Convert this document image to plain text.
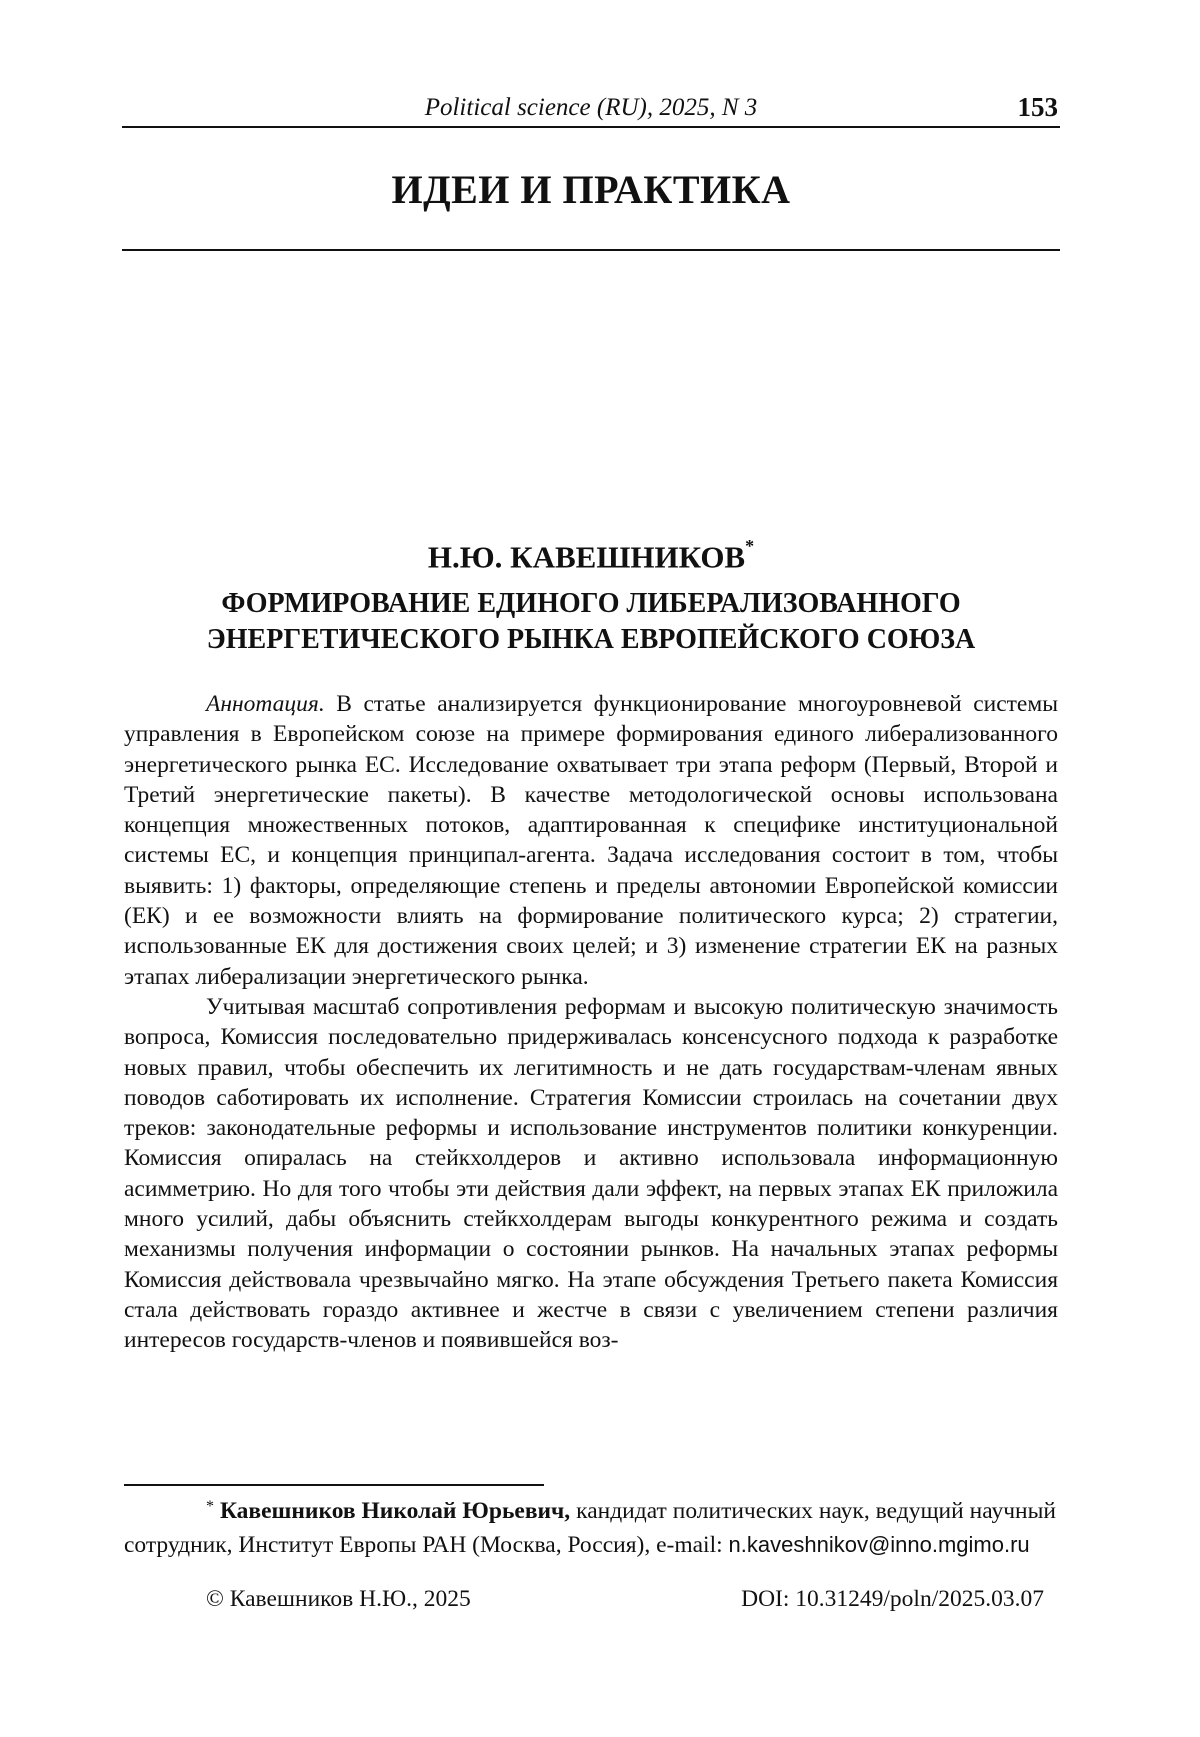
Political science (RU), 2025, N 3	153
ИДЕИ И ПРАКТИКА
Н.Ю. КАВЕШНИКОВ*
ФОРМИРОВАНИЕ ЕДИНОГО ЛИБЕРАЛИЗОВАННОГО
ЭНЕРГЕТИЧЕСКОГО РЫНКА ЕВРОПЕЙСКОГО СОЮЗА

Аннотация. В статье анализируется функционирование многоуровневой системы управления в Европейском союзе на примере формирования единого либерализованного энергетического рынка ЕС. Исследование охватывает три этапа реформ (Первый, Второй и Третий энергетические пакеты). В качестве методологической основы использована концепция множественных потоков, адаптированная к специфике институциональной системы ЕС, и концепция принципал-агента. Задача исследования состоит в том, чтобы выявить: 1) факторы, определяющие степень и пределы автономии Европейской комиссии (ЕК) и ее возможности влиять на формирование политического курса; 2) стратегии, использованные ЕК для достижения своих целей; и 3) изменение стратегии ЕК на разных этапах либерализации энергетического рынка.

Учитывая масштаб сопротивления реформам и высокую политическую значимость вопроса, Комиссия последовательно придерживалась консенсусного подхода к разработке новых правил, чтобы обеспечить их легитимность и не дать государствам-членам явных поводов саботировать их исполнение. Стратегия Комиссии строилась на сочетании двух треков: законодательные реформы и использование инструментов политики конкуренции. Комиссия опиралась на стейкхолдеров и активно использовала информационную асимметрию. Но для того чтобы эти действия дали эффект, на первых этапах ЕК приложила много усилий, дабы объяснить стейкхолдерам выгоды конкурентного режима и создать механизмы получения информации о состоянии рынков. На начальных этапах реформы Комиссия действовала чрезвычайно мягко. На этапе обсуждения Третьего пакета Комиссия стала действовать гораздо активнее и жестче в связи с увеличением степени различия интересов государств-членов и появившейся воз-

* Кавешников Николай Юрьевич, кандидат политических наук, ведущий научный сотрудник, Институт Европы РАН (Москва, Россия), e-mail: n.kaveshnikov@inno.mgimo.ru

© Кавешников Н.Ю., 2025	DOI: 10.31249/poln/2025.03.07
